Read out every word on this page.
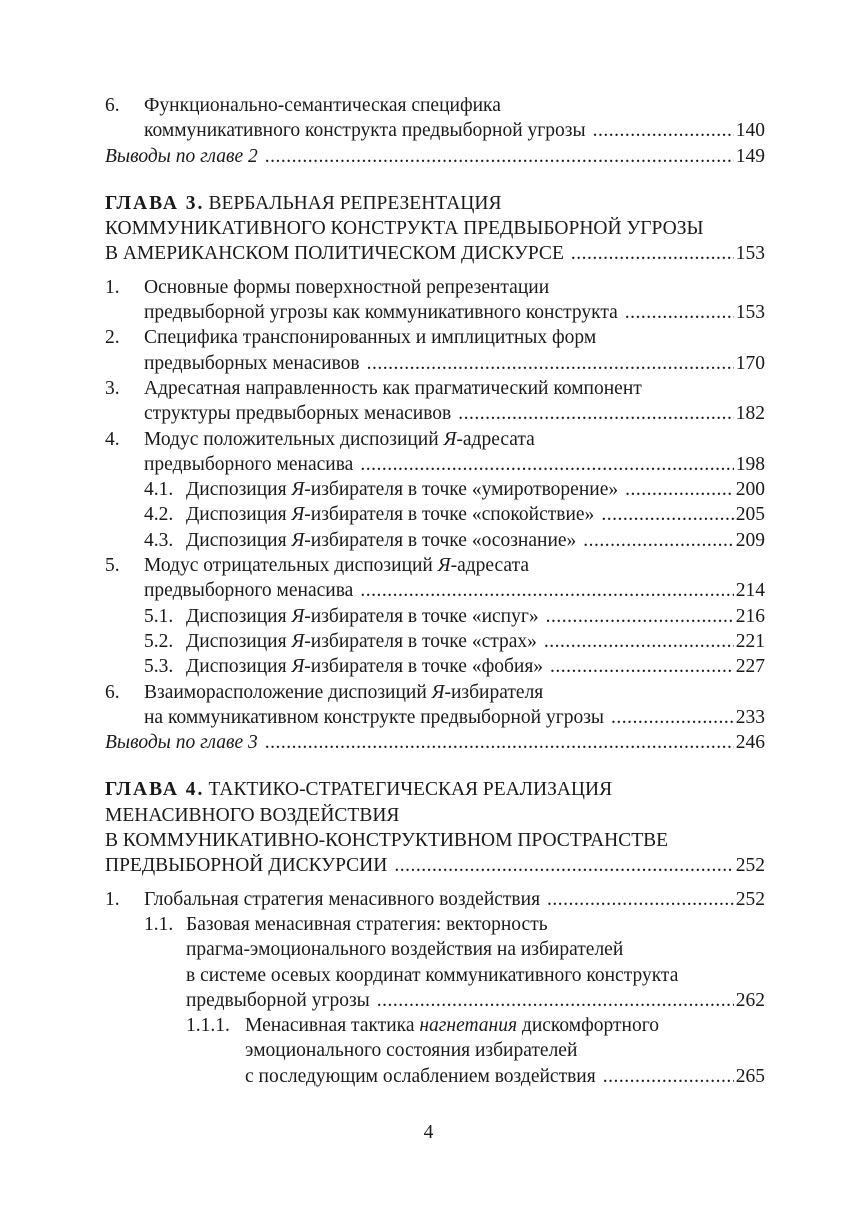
6.	Функционально-семантическая специфика
коммуникативного конструкта предвыборной угрозы .....	140
Выводы по главе 2 .....	149
ГЛАВА 3. ВЕРБАЛЬНАЯ РЕПРЕЗЕНТАЦИЯ
КОММУНИКАТИВНОГО КОНСТРУКТА ПРЕДВЫБОРНОЙ УГРОЗЫ
В АМЕРИКАНСКОМ ПОЛИТИЧЕСКОМ ДИСКУРСЕ .....	153
1.	Основные формы поверхностной репрезентации
предвыборной угрозы как коммуникативного конструкта .....	153
2.	Специфика транспонированных и имплицитных форм
предвыборных менасивов .....	170
3.	Адресатная направленность как прагматический компонент
структуры предвыборных менасивов .....	182
4.	Модус положительных диспозиций Я-адресата
предвыборного менасива .....	198
4.1. Диспозиция Я-избирателя в точке «умиротворение» .....	200
4.2. Диспозиция Я-избирателя в точке «спокойствие» .....	205
4.3. Диспозиция Я-избирателя в точке «осознание» .....	209
5.	Модус отрицательных диспозиций Я-адресата
предвыборного менасива .....	214
5.1. Диспозиция Я-избирателя в точке «испуг» .....	216
5.2. Диспозиция Я-избирателя в точке «страх» .....	221
5.3. Диспозиция Я-избирателя в точке «фобия» .....	227
6.	Взаиморасположение диспозиций Я-избирателя
на коммуникативном конструкте предвыборной угрозы .....	233
Выводы по главе 3 .....	246
ГЛАВА 4. ТАКТИКО-СТРАТЕГИЧЕСКАЯ РЕАЛИЗАЦИЯ
МЕНАСИВНОГО ВОЗДЕЙСТВИЯ
В КОММУНИКАТИВНО-КОНСТРУКТИВНОМ ПРОСТРАНСТВЕ
ПРЕДВЫБОРНОЙ ДИСКУРСИИ .....	252
1.	Глобальная стратегия менасивного воздействия .....	252
1.1. Базовая менасивная стратегия: векторность
прагма-эмоционального воздействия на избирателей
в системе осевых координат коммуникативного конструкта
предвыборной угрозы .....	262
1.1.1. Менасивная тактика нагнетания дискомфортного
эмоционального состояния избирателей
с последующим ослаблением воздействия .....	265
4
